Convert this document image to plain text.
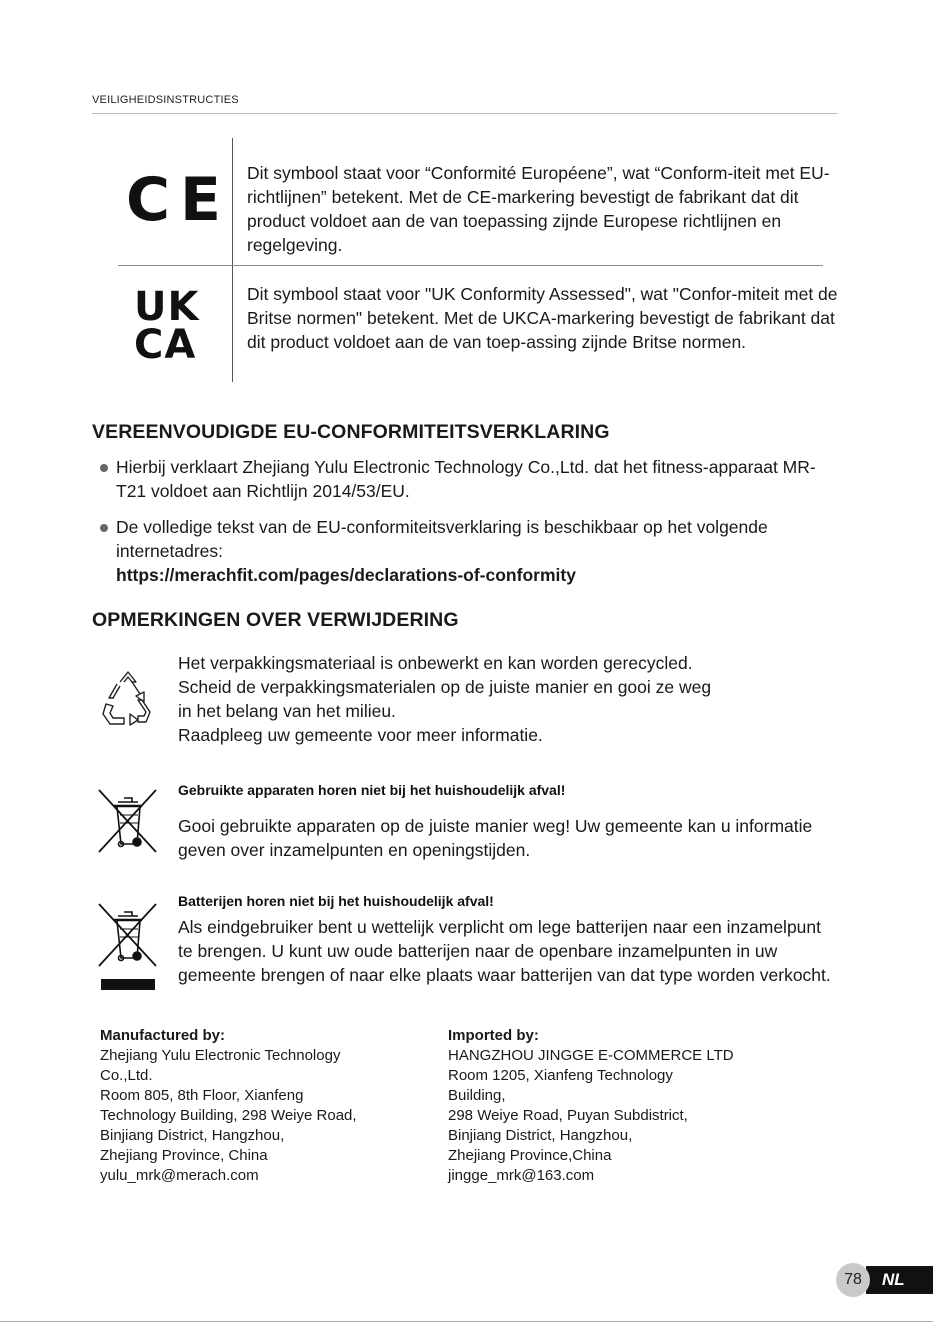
VEILIGHEIDSINSTRUCTIES
CE Dit symbool staat voor “Conformité Européene”, wat “Conform-iteit met EU-richtlijnen” betekent. Met de CE-markering bevestigt de fabrikant dat dit product voldoet aan de van toepassing zijnde Europese richtlijnen en regelgeving.
UK
CA
Dit symbool staat voor "UK Conformity Assessed", wat "Confor-miteit met de Britse normen" betekent. Met de UKCA-markering bevestigt de fabrikant dat dit product voldoet aan de van toep-assing zijnde Britse normen.
VEREENVOUDIGDE EU-CONFORMITEITSVERKLARING
Hierbij verklaart Zhejiang Yulu Electronic Technology Co.,Ltd. dat het fitness-apparaat MR-T21 voldoet aan Richtlijn 2014/53/EU.
De volledige tekst van de EU-conformiteitsverklaring is beschikbaar op het volgende internetadres:
https://merachfit.com/pages/declarations-of-conformity
OPMERKINGEN OVER VERWIJDERING
Het verpakkingsmateriaal is onbewerkt en kan worden gerecycled.
Scheid de verpakkingsmaterialen op de juiste manier en gooi ze weg
in het belang van het milieu.
Raadpleeg uw gemeente voor meer informatie.
Gebruikte apparaten horen niet bij het huishoudelijk afval!
Gooi gebruikte apparaten op de juiste manier weg! Uw gemeente kan u informatie geven over inzamelpunten en openingstijden.
Batterijen horen niet bij het huishoudelijk afval!
Als eindgebruiker bent u wettelijk verplicht om lege batterijen naar een inzamelpunt te brengen. U kunt uw oude batterijen naar de openbare inzamelpunten in uw gemeente brengen of naar elke plaats waar batterijen van dat type worden verkocht.
Manufactured by:
Zhejiang Yulu Electronic Technology
Co.,Ltd.
Room 805, 8th Floor, Xianfeng
Technology Building, 298 Weiye Road,
Binjiang District, Hangzhou,
Zhejiang Province, China
yulu_mrk@merach.com
Imported by:
HANGZHOU JINGGE E-COMMERCE LTD
Room 1205, Xianfeng Technology
Building,
298 Weiye Road, Puyan Subdistrict,
Binjiang District, Hangzhou,
Zhejiang Province,China
jingge_mrk@163.com
NL
78
